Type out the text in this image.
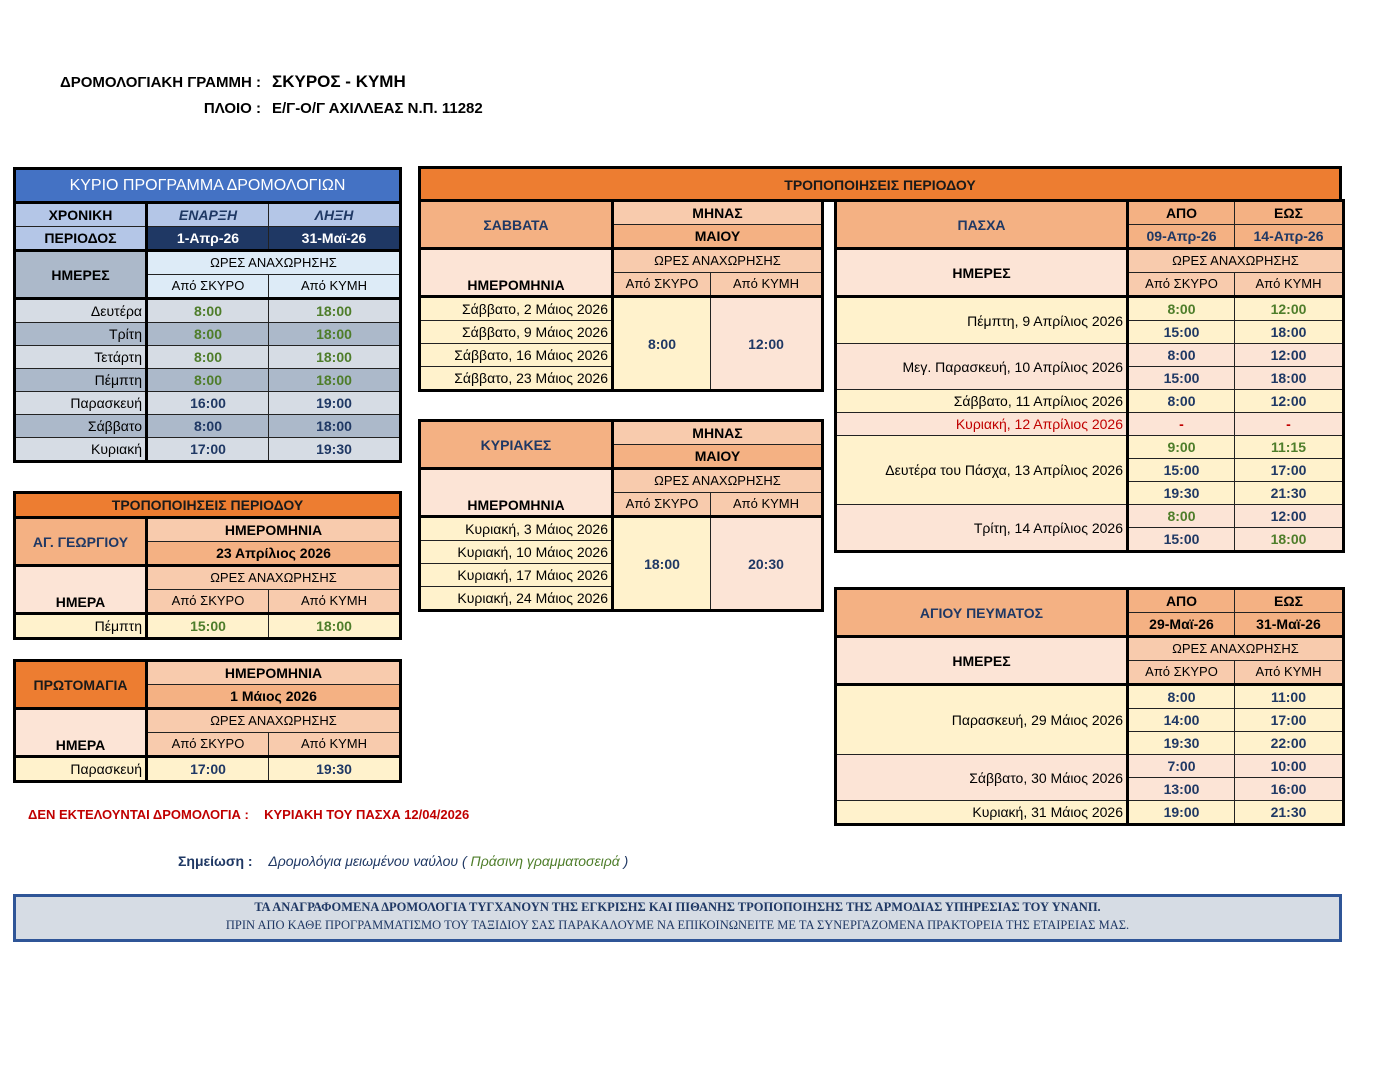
ΔΡΟΜΟΛΟΓΙΑΚΗ ΓΡΑΜΜΗ : ΣΚΥΡΟΣ - ΚΥΜΗ
ΠΛΟΙΟ : Ε/Γ-Ο/Γ ΑΧΙΛΛΕΑΣ Ν.Π. 11282
ΚΥΡΙΟ ΠΡΟΓΡΑΜΜΑ ΔΡΟΜΟΛΟΓΙΩΝ		
ΧΡΟΝΙΚΗ	ΕΝΑΡΞΗ	ΛΗΞΗ
ΠΕΡΙΟΔΟΣ	1-Απρ-26	31-Μαϊ-26
ΗΜΕΡΕΣ	ΩΡΕΣ ΑΝΑΧΩΡΗΣΗΣ	
	Από ΣΚΥΡΟ	Από ΚΥΜΗ
Δευτέρα	8:00	18:00
Τρίτη	8:00	18:00
Τετάρτη	8:00	18:00
Πέμπτη	8:00	18:00
Παρασκευή	16:00	19:00
Σάββατο	8:00	18:00
Κυριακή	17:00	19:30
ΤΡΟΠΟΠΟΙΗΣΕΙΣ ΠΕΡΙΟΔΟΥ		
ΑΓ. ΓΕΩΡΓΙΟΥ	ΗΜΕΡΟΜΗΝΙΑ	
	23 Απρίλιος 2026	
ΗΜΕΡΑ	ΩΡΕΣ ΑΝΑΧΩΡΗΣΗΣ	
	Από ΣΚΥΡΟ	Από ΚΥΜΗ
Πέμπτη	15:00	18:00
ΠΡΩΤΟΜΑΓΙΑ	ΗΜΕΡΟΜΗΝΙΑ	
	1 Μάιος 2026	
ΗΜΕΡΑ	ΩΡΕΣ ΑΝΑΧΩΡΗΣΗΣ	
	Από ΣΚΥΡΟ	Από ΚΥΜΗ
Παρασκευή	17:00	19:30
ΤΡΟΠΟΠΟΙΗΣΕΙΣ ΠΕΡΙΟΔΟΥ
ΣΑΒΒΑΤΑ	ΜΗΝΑΣ	
	ΜΑΙΟΥ	
ΗΜΕΡΟΜΗΝΙΑ	ΩΡΕΣ ΑΝΑΧΩΡΗΣΗΣ	
	Από ΣΚΥΡΟ	Από ΚΥΜΗ
Σάββατο, 2 Μάιος 2026	8:00	12:00
Σάββατο, 9 Μάιος 2026		
Σάββατο, 16 Μάιος 2026		
Σάββατο, 23 Μάιος 2026		
ΚΥΡΙΑΚΕΣ	ΜΗΝΑΣ	
	ΜΑΙΟΥ	
ΗΜΕΡΟΜΗΝΙΑ	ΩΡΕΣ ΑΝΑΧΩΡΗΣΗΣ	
	Από ΣΚΥΡΟ	Από ΚΥΜΗ
Κυριακή, 3 Μάιος 2026	18:00	20:30
Κυριακή, 10 Μάιος 2026		
Κυριακή, 17 Μάιος 2026		
Κυριακή, 24 Μάιος 2026		
ΠΑΣΧΑ	ΑΠΟ	ΕΩΣ
	09-Απρ-26	14-Απρ-26
ΗΜΕΡΕΣ	ΩΡΕΣ ΑΝΑΧΩΡΗΣΗΣ	
	Από ΣΚΥΡΟ	Από ΚΥΜΗ
Πέμπτη, 9 Απρίλιος 2026	8:00	12:00
	15:00	18:00
Μεγ. Παρασκευή, 10 Απρίλιος 2026	8:00	12:00
	15:00	18:00
Σάββατο, 11 Απρίλιος 2026	8:00	12:00
Κυριακή, 12 Απρίλιος 2026	-	-
Δευτέρα του Πάσχα, 13 Απρίλιος 2026	9:00	11:15
	15:00	17:00
	19:30	21:30
Τρίτη, 14 Απρίλιος 2026	8:00	12:00
	15:00	18:00
ΑΓΙΟΥ ΠΕΥΜΑΤΟΣ	ΑΠΟ	ΕΩΣ
	29-Μαϊ-26	31-Μαϊ-26
ΗΜΕΡΕΣ	ΩΡΕΣ ΑΝΑΧΩΡΗΣΗΣ	
	Από ΣΚΥΡΟ	Από ΚΥΜΗ
Παρασκευή, 29 Μάιος 2026	8:00	11:00
	14:00	17:00
	19:30	22:00
Σάββατο, 30 Μάιος 2026	7:00	10:00
	13:00	16:00
Κυριακή, 31 Μάιος 2026	19:00	21:30
ΔΕΝ ΕΚΤΕΛΟΥΝΤΑΙ ΔΡΟΜΟΛΟΓΙΑ : ΚΥΡΙΑΚΗ ΤΟΥ ΠΑΣΧΑ 12/04/2026
Σημείωση : Δρομολόγια μειωμένου ναύλου ( Πράσινη γραμματοσειρά )
ΤΑ ΑΝΑΓΡΑΦΟΜΕΝΑ ΔΡΟΜΟΛΟΓΙΑ ΤΥΓΧΑΝΟΥΝ ΤΗΣ ΕΓΚΡΙΣΗΣ ΚΑΙ ΠΙΘΑΝΗΣ ΤΡΟΠΟΠΟΙΗΣΗΣ ΤΗΣ ΑΡΜΟΔΙΑΣ ΥΠΗΡΕΣΙΑΣ ΤΟΥ ΥΝΑΝΠ.
ΠΡΙΝ ΑΠΟ ΚΑΘΕ ΠΡΟΓΡΑΜΜΑΤΙΣΜΟ ΤΟΥ ΤΑΞΙΔΙΟΥ ΣΑΣ ΠΑΡΑΚΑΛΟΥΜΕ ΝΑ ΕΠΙΚΟΙΝΩΝΕΙΤΕ ΜΕ ΤΑ ΣΥΝΕΡΓΑΖΟΜΕΝΑ ΠΡΑΚΤΟΡΕΙΑ ΤΗΣ ΕΤΑΙΡΕΙΑΣ ΜΑΣ.
